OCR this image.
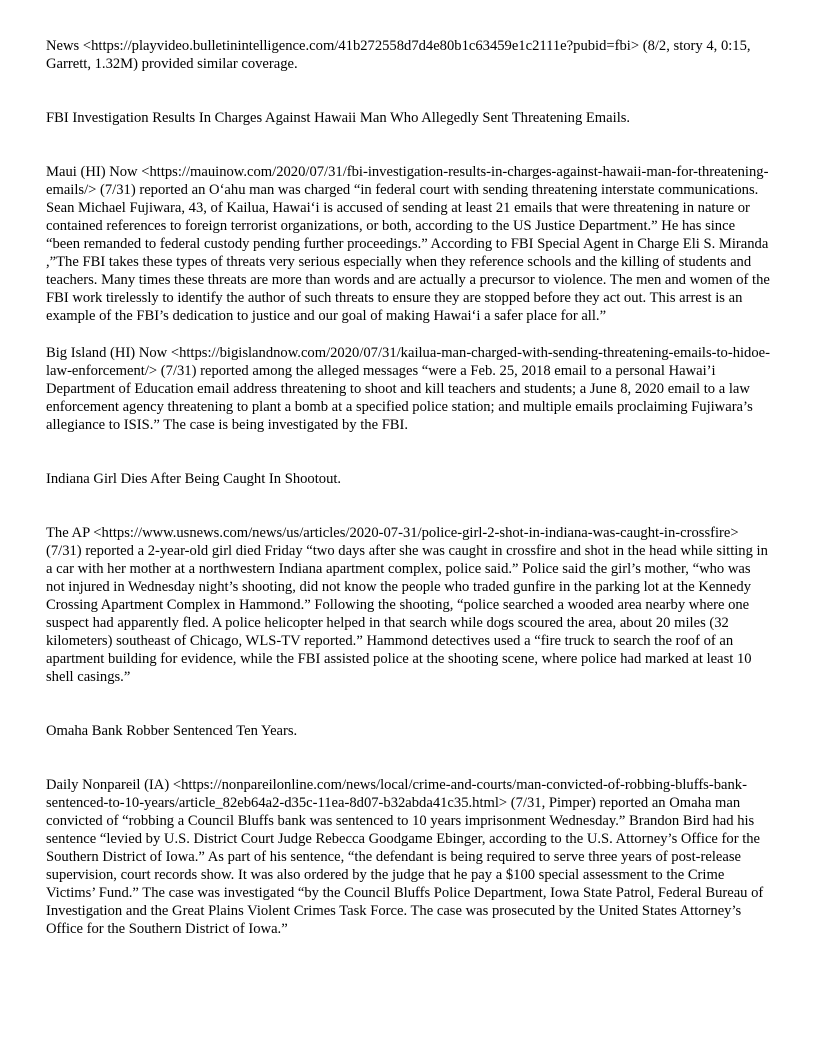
News <https://playvideo.bulletinintelligence.com/41b272558d7d4e80b1c63459e1c2111e?pubid=fbi> (8/2, story 4, 0:15, Garrett, 1.32M) provided similar coverage.

FBI Investigation Results In Charges Against Hawaii Man Who Allegedly Sent Threatening Emails.

Maui (HI) Now <https://mauinow.com/2020/07/31/fbi-investigation-results-in-charges-against-hawaii-man-for-threatening-emails/> (7/31) reported an O‘ahu man was charged “in federal court with sending threatening interstate communications. Sean Michael Fujiwara, 43, of Kailua, Hawai‘i is accused of sending at least 21 emails that were threatening in nature or contained references to foreign terrorist organizations, or both, according to the US Justice Department.” He has since “been remanded to federal custody pending further proceedings.” According to FBI Special Agent in Charge Eli S. Miranda ,”The FBI takes these types of threats very serious especially when they reference schools and the killing of students and teachers. Many times these threats are more than words and are actually a precursor to violence. The men and women of the FBI work tirelessly to identify the author of such threats to ensure they are stopped before they act out. This arrest is an example of the FBI’s dedication to justice and our goal of making Hawai‘i a safer place for all.”

Big Island (HI) Now <https://bigislandnow.com/2020/07/31/kailua-man-charged-with-sending-threatening-emails-to-hidoe-law-enforcement/> (7/31) reported among the alleged messages “were a Feb. 25, 2018 email to a personal Hawai’i Department of Education email address threatening to shoot and kill teachers and students; a June 8, 2020 email to a law enforcement agency threatening to plant a bomb at a specified police station; and multiple emails proclaiming Fujiwara’s allegiance to ISIS.” The case is being investigated by the FBI.

Indiana Girl Dies After Being Caught In Shootout.

The AP <https://www.usnews.com/news/us/articles/2020-07-31/police-girl-2-shot-in-indiana-was-caught-in-crossfire> (7/31) reported a 2-year-old girl died Friday “two days after she was caught in crossfire and shot in the head while sitting in a car with her mother at a northwestern Indiana apartment complex, police said.” Police said the girl’s mother, “who was not injured in Wednesday night’s shooting, did not know the people who traded gunfire in the parking lot at the Kennedy Crossing Apartment Complex in Hammond.” Following the shooting, “police searched a wooded area nearby where one suspect had apparently fled. A police helicopter helped in that search while dogs scoured the area, about 20 miles (32 kilometers) southeast of Chicago, WLS-TV reported.” Hammond detectives used a “fire truck to search the roof of an apartment building for evidence, while the FBI assisted police at the shooting scene, where police had marked at least 10 shell casings.”

Omaha Bank Robber Sentenced Ten Years.

Daily Nonpareil (IA) <https://nonpareilonline.com/news/local/crime-and-courts/man-convicted-of-robbing-bluffs-bank-sentenced-to-10-years/article_82eb64a2-d35c-11ea-8d07-b32abda41c35.html> (7/31, Pimper) reported an Omaha man convicted of “robbing a Council Bluffs bank was sentenced to 10 years imprisonment Wednesday.” Brandon Bird had his sentence “levied by U.S. District Court Judge Rebecca Goodgame Ebinger, according to the U.S. Attorney’s Office for the Southern District of Iowa.” As part of his sentence, “the defendant is being required to serve three years of post-release supervision, court records show. It was also ordered by the judge that he pay a $100 special assessment to the Crime Victims’ Fund.” The case was investigated “by the Council Bluffs Police Department, Iowa State Patrol, Federal Bureau of Investigation and the Great Plains Violent Crimes Task Force. The case was prosecuted by the United States Attorney’s Office for the Southern District of Iowa.”
